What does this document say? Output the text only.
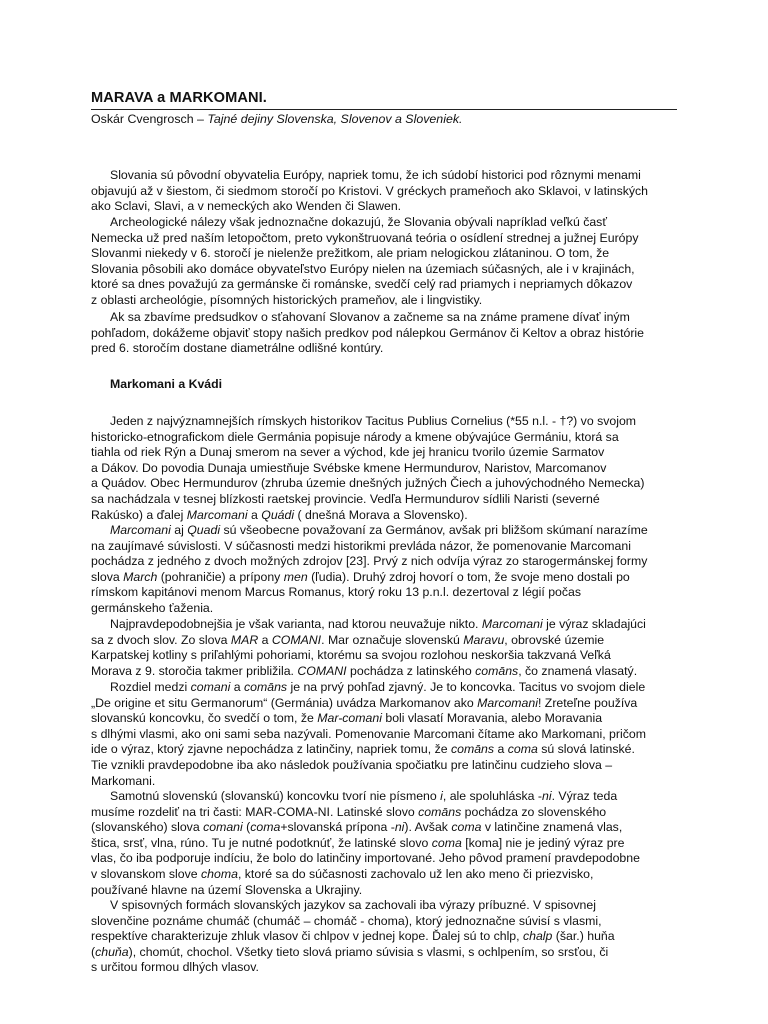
MARAVA a MARKOMANI.
Oskár Cvengrosch – Tajné dejiny Slovenska, Slovenov a Sloveniek.
Slovania sú pôvodní obyvatelia Európy, napriek tomu, že ich súdobí historici pod rôznymi menami
objavujú až v šiestom, či siedmom storočí po Kristovi. V gréckych prameňoch ako Sklavoi, v latinských
ako Sclavi, Slavi, a v nemeckých ako Wenden či Slawen.
Archeologické nálezy však jednoznačne dokazujú, že Slovania obývali napríklad veľkú časť
Nemecka už pred naším letopočtom, preto vykonštruovaná teória o osídlení strednej a južnej Európy
Slovanmi niekedy v 6. storočí je nielenže prežitkom, ale priam nelogickou zlátaninou. O tom, že
Slovania pôsobili ako domáce obyvateľstvo Európy nielen na územiach súčasných, ale i v krajinách,
ktoré sa dnes považujú za germánske či románske, svedčí celý rad priamych i nepriamych dôkazov
z oblasti archeológie, písomných historických prameňov, ale i lingvistiky.
Ak sa zbavíme predsudkov o sťahovaní Slovanov a začneme sa na známe pramene dívať iným
pohľadom, dokážeme objaviť stopy našich predkov pod nálepkou Germánov či Keltov a obraz histórie
pred 6. storočím dostane diametrálne odlišné kontúry.
Markomani a Kvádi
Jeden z najvýznamnejších rímskych historikov Tacitus Publius Cornelius (*55 n.l. - †?) vo svojom
historicko-etnografickom diele Germánia popisuje národy a kmene obývajúce Germániu, ktorá sa
tiahla od riek Rýn a Dunaj smerom na sever a východ, kde jej hranicu tvorilo územie Sarmatov
a Dákov. Do povodia Dunaja umiestňuje Svébske kmene Hermundurov, Naristov, Marcomanov
a Quádov. Obec Hermundurov (zhruba územie dnešných južných Čiech a juhovýchodného Nemecka)
sa nachádzala v tesnej blízkosti raetskej provincie. Vedľa Hermundurov sídlili Naristi (severné
Rakúsko) a ďalej Marcomani a Quádi ( dnešná Morava a Slovensko).
Marcomani aj Quadi sú všeobecne považovaní za Germánov, avšak pri bližšom skúmaní narazíme
na zaujímavé súvislosti. V súčasnosti medzi historikmi prevláda názor, že pomenovanie Marcomani
pochádza z jedného z dvoch možných zdrojov [23]. Prvý z nich odvíja výraz zo starogermánskej formy
slova March (pohraničie) a prípony men (ľudia). Druhý zdroj hovorí o tom, že svoje meno dostali po
rímskom kapitánovi menom Marcus Romanus, ktorý roku 13 p.n.l. dezertoval z légií počas
germánskeho ťaženia.
Najpravdepodobnejšia je však varianta, nad ktorou neuvažuje nikto. Marcomani je výraz skladajúci
sa z dvoch slov. Zo slova MAR a COMANI. Mar označuje slovenskú Maravu, obrovské územie
Karpatskej kotliny s priľahlými pohoriami, ktorému sa svojou rozlohou neskoršia takzvaná Veľká
Morava z 9. storočia takmer približila. COMANI pochádza z latinského comāns, čo znamená vlasatý.
Rozdiel medzi comani a comāns je na prvý pohľad zjavný. Je to koncovka. Tacitus vo svojom diele
„De origine et situ Germanorum“ (Germánia) uvádza Markomanov ako Marcomani! Zreteľne používa
slovanskú koncovku, čo svedčí o tom, že Mar-comani boli vlasatí Moravania, alebo Moravania
s dlhými vlasmi, ako oni sami seba nazývali. Pomenovanie Marcomani čítame ako Markomani, pričom
ide o výraz, ktorý zjavne nepochádza z latinčiny, napriek tomu, že comāns a coma sú slová latinské.
Tie vznikli pravdepodobne iba ako následok používania spočiatku pre latinčinu cudzieho slova –
Markomani.
Samotnú slovenskú (slovanskú) koncovku tvorí nie písmeno i, ale spoluhláska -ni. Výraz teda
musíme rozdeliť na tri časti: MAR-COMA-NI. Latinské slovo comāns pochádza zo slovenského
(slovanského) slova comani (coma+slovanská prípona -ni). Avšak coma v latinčine znamená vlas,
štica, srsť, vlna, rúno. Tu je nutné podotknúť, že latinské slovo coma [koma] nie je jediný výraz pre
vlas, čo iba podporuje indíciu, že bolo do latinčiny importované. Jeho pôvod pramení pravdepodobne
v slovanskom slove choma, ktoré sa do súčasnosti zachovalo už len ako meno či priezvisko,
používané hlavne na území Slovenska a Ukrajiny.
V spisovných formách slovanských jazykov sa zachovali iba výrazy príbuzné. V spisovnej
slovenčine poznáme chumáč (chumáč – chomáč - choma), ktorý jednoznačne súvisí s vlasmi,
respektíve charakterizuje zhluk vlasov či chlpov v jednej kope. Ďalej sú to chlp, chalp (šar.) huňa
(chuňa), chomút, chochol. Všetky tieto slová priamo súvisia s vlasmi, s ochlpením, so srsťou, či
s určitou formou dlhých vlasov.
